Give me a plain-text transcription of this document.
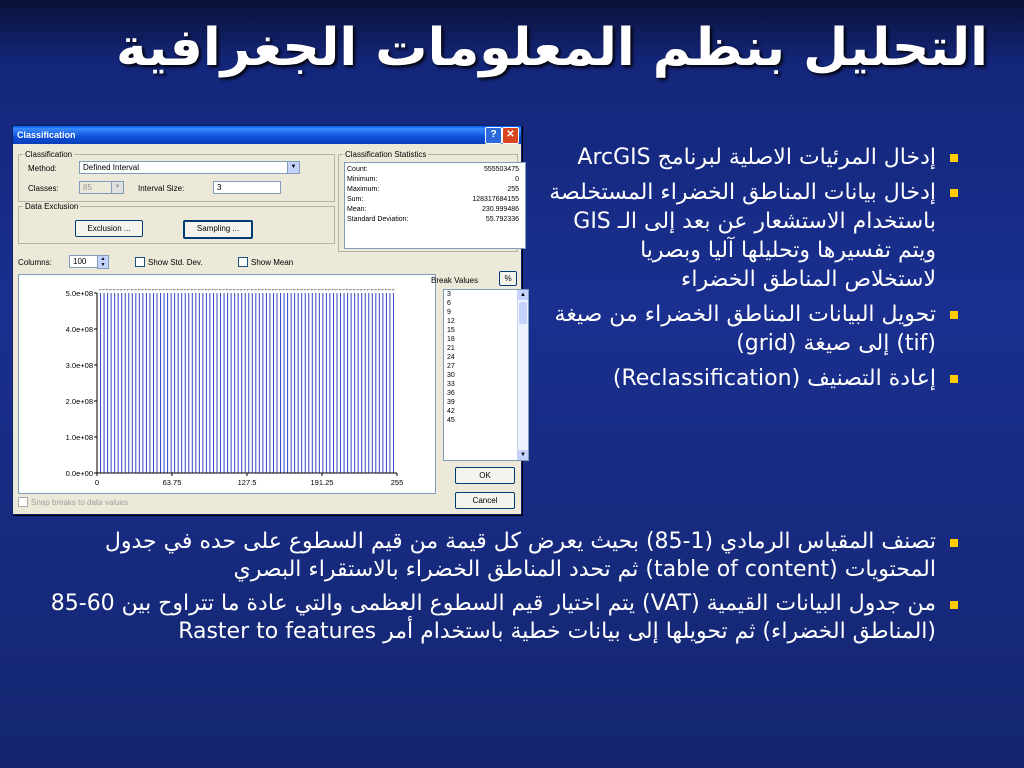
التحليل بنظم المعلومات الجغرافية
Classification	? ✕
Classification
Method:	Defined Interval	▼
Classes:	85	▼	Interval Size:	3
Data Exclusion
Exclusion ...	Sampling ...
Classification Statistics
Count:	555503475
Minimum:	0
Maximum:	255
Sum:	128317684155
Mean:	230.999486
Standard Deviation:	55.792336
Columns:	100	▲
▼	Show Std. Dev.	Show Mean
⌐ ⌐ ⌐ ⌐ ⌐ ⌐ ⌐ ⌐ ⌐ ⌐ ⌐ ⌐ ⌐ ⌐ ⌐ ⌐ ⌐ ⌐ ⌐ ⌐ ⌐ ⌐ ⌐ ⌐ ⌐ ⌐ ⌐ ⌐ ⌐ ⌐ ⌐ ⌐ ⌐ ⌐ ⌐ ⌐ ⌐ ⌐ ⌐ ⌐ ⌐ ⌐ ⌐ ⌐ ⌐ ⌐ ⌐ ⌐ ⌐ ⌐ ⌐ ⌐ ⌐ ⌐ ⌐ ⌐ ⌐ ⌐ ⌐ ⌐ ⌐ ⌐ ⌐ ⌐ ⌐ ⌐ ⌐ ⌐ ⌐ ⌐ ⌐ ⌐ ⌐ ⌐ ⌐ ⌐ ⌐ ⌐ ⌐ ⌐ ⌐ ⌐ ⌐ ⌐
0.0e+00
1.0e+08
2.0e+08
3.0e+08
4.0e+08
5.0e+08
0	63.75	127.5	191.25	255
Break Values	%
▲
▼
3
6
9
12
15
18
21
24
27
30
33
36
39
42
45
OK
Cancel
Snap breaks to data values
إدخال المرئيات الاصلية لبرنامج ArcGIS
إدخال بيانات المناطق الخضراء المستخلصة باستخدام الاستشعار عن بعد إلى الـ GIS ويتم تفسيرها وتحليلها آليا وبصريا لاستخلاص المناطق الخضراء
تحويل البيانات المناطق الخضراء من صيغة (tif) إلى صيغة (grid)
إعادة التصنيف (Reclassification)
تصنف المقياس الرمادي (1-85) بحيث يعرض كل قيمة من قيم السطوع على حده في جدول المحتويات (table of content) ثم تحدد المناطق الخضراء بالاستقراء البصري
من جدول البيانات القيمية (VAT) يتم اختيار قيم السطوع العظمى والتي عادة ما تتراوح بين 60-85 (المناطق الخضراء) ثم تحويلها إلى بيانات خطية باستخدام أمر Raster to features
